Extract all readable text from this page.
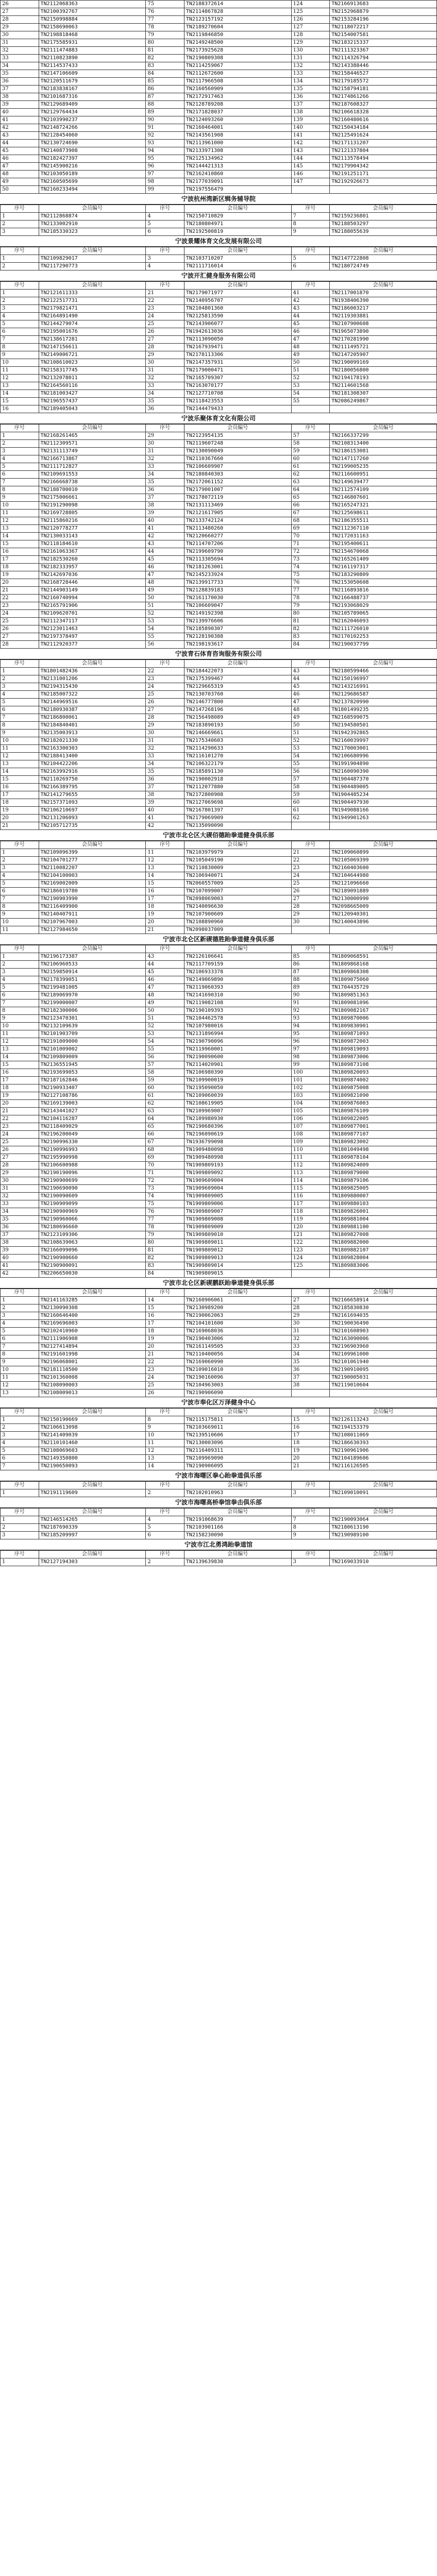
26	TN2112068363	75	TN2188372614	124	TN2166913683
27	TN2100392767	76	TN2114867828	125	TN2152968879
28	TN2150998884	77	TN2123157192	126	TN2153284196
29	TN2158690063	78	TN2189270604	127	TN2118072217
30	TN2198818468	79	TN2119846850	128	TN2154007581
31	TN2175585931	80	TN2149248500	129	TN2183215337
32	TN2111474883	81	TN2173925628	130	TN2111323367
33	TN2110823890	82	TN2190809308	131	TN2114326794
34	TN2114537433	83	TN2114259067	132	TN2143388446
35	TN2147106609	84	TN2112672600	133	TN2158446527
36	TN2120511679	85	TN2117966508	134	TN2179185572
37	TN2183838167	86	TN2160560909	135	TN2158794181
38	TN2101687316	87	TN2172917463	136	TN2174861266
39	TN2129689409	88	TN2128789208	137	TN2187608327
40	TN2129764434	89	TN2171828037	138	TN2106618328
41	TN2103990237	90	TN2124093260	139	TN2160480616
42	TN2148724266	91	TN2160464001	140	TN2150434184
43	TN2128454060	92	TN2143561908	141	TN2125491624
44	TN2130724690	93	TN2113961000	142	TN2171131207
45	TN2140873908	94	TN2133971308	143	TN2121337804
46	TN2182427397	95	TN2125134962	144	TN2113578494
47	TN2145900216	96	TN2144421313	145	TN2179904342
48	TN2103050189	97	TN2162410860	146	TN2191251171
49	TN2160505699	98	TN2177039091	147	TN2192926673
50	TN2160233494	99	TN2197556479		
宁波杭州湾新区辑务辅导院
序号	会员编号	序号	会员编号	序号	会员编号
1	TN2112868874	4	TN2150710829	7	TN2159236801
2	TN2133002910	5	TN2180804971	8	TN2188503297
3	TN2185330323	6	TN2192500819	9	TN2188055639
宁波景耀体育文化发展有限公司
序号	会员编号	序号	会员编号	序号	会员编号
1	TN2109829017	3	TN2103710207	5	TN2147722808
2	TN2117290773	4	TN2111716014	6	TN2180724749
宁波开汇健身服务有限公司
序号	会员编号	序号	会员编号	序号	会员编号
1	TN2121611333	21	TN2179071977	41	TN2117001870
2	TN2122517731	22	TN2140956707	42	TN1938406390
3	TN2179821471	23	TN2104801360	43	TN2186003217
4	TN2164891490	24	TN2125813590	44	TN2119303881
5	TN2144279074	25	TN2143906077	45	TN2107900608
6	TN2195001676	26	TN1942613036	46	TN1965073890
7	TN2138617281	27	TN2113090050	47	TN2170281990
8	TN2147156611	28	TN2167939471	48	TN2111495721
9	TN2149006721	29	TN2178113306	49	TN2147205907
10	TN2108610023	30	TN2147357931	50	TN2190099169
11	TN2158317745	31	TN2179000471	51	TN2180056800
12	TN2132078011	32	TN2165709307	52	TN2194178193
13	TN2164560116	33	TN2163070177	53	TN2114601568
14	TN2181003427	34	TN2127710708	54	TN2181308307
15	TN2196557437	35	TN2118423553	55	TN2086249867
16	TN2189405043	36	TN2144479433		
宁波乐聚体育文化有限公司
序号	会员编号	序号	会员编号	序号	会员编号
1	TN2168261465	29	TN2123954135	57	TN2166337299
2	TN2112309571	30	TN2119607248	58	TN2108313400
3	TN2131113749	31	TN2130090049	59	TN2186153081
4	TN2166713867	32	TN2110367660	60	TN2147117260
5	TN2111712827	33	TN2106609907	61	TN2199005235
6	TN2109691553	34	TN2180840303	62	TN2116600951
7	TN2166668738	35	TN2172061152	63	TN2149639477
8	TN2188700010	36	TN2179001007	64	TN2112574109
9	TN2175006661	37	TN2178072119	65	TN2146807601
10	TN2191290098	38	TN2131113469	66	TN2165247321
11	TN2169728805	39	TN2121617905	67	TN2125698611
12	TN2115860216	40	TN2133742124	68	TN2186355511
13	TN2120778277	41	TN2113480260	69	TN2112367110
14	TN2130033143	42	TN2120660277	70	TN2172031163
15	TN2118184610	43	TN2114707206	71	TN2195400611
16	TN2161063367	44	TN2199609790	72	TN2154670068
17	TN2182530260	45	TN2113305694	73	TN2165261409
18	TN2182333957	46	TN2181263001	74	TN2161197317
19	TN2142697036	47	TN2145233924	75	TN2183290809
20	TN2168728446	48	TN2139917733	76	TN2153050608
21	TN2144903149	49	TN2128839183	77	TN2116893816
22	TN2160740994	50	TN2161170030	78	TN2166488737
23	TN2165791906	51	TN2106609047	79	TN2193068029
24	TN2109620701	52	TN2149192398	80	TN2105789065
25	TN2112347117	53	TN2139976606	81	TN2162046093
26	TN2123011463	54	TN2185890307	82	TN2111726010
27	TN2197378497	55	TN2128190388	83	TN2170102253
28	TN2112920377	56	TN2198193617	84	TN2190037799
宁波青石体育咨询服务有限公司
序号	会员编号	序号	会员编号	序号	会员编号
1	TN1801482436	22	TN2184422073	43	TN2180599466
2	TN2131001206	23	TN2175399467	44	TN2150196997
3	TN2194315430	24	TN2129665319	45	TN2143216991
4	TN2185007322	25	TN2130703760	46	TN2129686587
5	TN2144969516	26	TN2146777800	47	TN2137820990
6	TN2180930387	27	TN2147268196	48	TN1801499235
7	TN2186800061	28	TN2156498089	49	TN2168599075
8	TN2184840401	29	TN2183890193	50	TN2194580501
9	TN2135003913	30	TN2146669661	51	TN1942392865
10	TN2182021330	31	TN2175340603	52	TN2160039997
11	TN2163300303	32	TN2114290633	53	TN2170003001
12	TN2188413400	33	TN2116101270	54	TN2106680996
13	TN2104422206	34	TN2106322179	55	TN1991904890
14	TN2163992916	35	TN2185891130	56	TN2160090390
15	TN2110269750	36	TN2190002918	57	TN1904487370
16	TN2166389795	37	TN2112077880	58	TN1904489005
17	TN2141279655	38	TN2172800908	59	TN1904485234
18	TN2157371093	39	TN2127069698	60	TN1904497930
19	TN2106210697	40	TN2167801397	61	TN1949088166
20	TN2131206093	41	TN2179069909	62	TN1949901263
21	TN2105712735	42	TN2135090090		
宁波市北仑区大碶佰德跆拳道健身俱乐部
序号	会员编号	序号	会员编号	序号	会员编号
1	TN2109096399	11	TN2103979979	21	TN2109060899
2	TN2104701277	12	TN2105049190	22	TN2105069399
3	TN2110082207	13	TN2110830009	23	TN2160403600
4	TN2104100003	14	TN2106940071	24	TN2104644980
5	TN2169002009	15	TN2060557009	25	TN2121096660
6	TN2186019780	16	TN2107099007	26	TN2189091889
7	TN2190903990	17	TN2098069003	27	TN2130000990
8	TN2116409900	18	TN2140096630	28	TN2098665009
9	TN2140407911	19	TN2107900609	29	TN2120940301
10	TN2107967003	20	TN2108890960	30	TN2140043896
11	TN2127984650	21	TN2098037009		
宁波市北仑区新碶德胜跆拳道健身俱乐部
序号	会员编号	序号	会员编号	序号	会员编号
1	TN2196173387	43	TN2126106641	85	TN1809068591
2	TN2106960533	44	TN2117709159	86	TN1809868168
3	TN2159850914	45	TN2106933378	87	TN1809868308
4	TN2178399051	46	TN2149069890	88	TN1809075060
5	TN2199481005	47	TN2119060393	89	TN1704435729
6	TN2189069970	48	TN2141690310	90	TN1809851363
7	TN2199000007	49	TN2119082108	91	TN1809081096
8	TN2182300006	50	TN2190109393	92	TN1809082167
9	TN2123470301	51	TN2104462578	93	TN1809870006
10	TN2132109639	52	TN2107980016	94	TN1809830901
11	TN2101903709	53	TN2131896994	95	TN1809871093
12	TN2191009000	54	TN2190790096	96	TN1809872003
13	TN2101009002	55	TN2119960001	97	TN1809819093
14	TN2109809009	56	TN2190090600	98	TN1809873006
15	TN2136551945	57	TN2114020901	99	TN1809873108
16	TN2193699053	58	TN2106980390	100	TN1809820093
17	TN2187162846	59	TN2109900019	101	TN1809874002
18	TN2190933407	60	TN2195090050	102	TN1809875008
19	TN2127108786	61	TN2109060039	103	TN1809821090
20	TN2169139003	62	TN2108619905	104	TN1809876003
21	TN2143441027	63	TN2109969007	105	TN1809876109
22	TN2104116287	64	TN2109980930	106	TN1809822005
23	TN2118409029	65	TN2190680396	107	TN1809877001
24	TN2196200049	66	TN2196090619	108	TN1809877107
25	TN2190996330	67	TN1936799098	109	TN1809823002
26	TN2190996993	68	TN1909480098	110	TN1801049498
27	TN2195990998	69	TN1909480998	111	TN1809878104
28	TN2106600988	70	TN1909809193	112	TN1809824009
29	TN2190190096	71	TN1909809092	113	TN1809879000
30	TN2190900699	72	TN1909609004	114	TN1809879106
31	TN2190690090	73	TN1909609004	115	TN1809825005
32	TN2190090609	74	TN1909809005	116	TN1809880007
33	TN2190909099	75	TN1909809006	117	TN1809880103
34	TN2190900969	76	TN1909809007	118	TN1809826001
35	TN2190960066	77	TN1909809008	119	TN1809881004
36	TN2180696660	78	TN1909809009	120	TN1809881100
37	TN2123109306	79	TN1909809010	121	TN1809827008
38	TN2108639063	80	TN1909809011	122	TN1809882000
39	TN2166099096	81	TN1909809012	123	TN1809882107
40	TN2190900660	82	TN1909809013	124	TN1809828004
41	TN2190900091	83	TN1909809014	125	TN1809883006
42	TN2206650030	84	TN1909809015		
宁波市北仑区新碶鹏跃跆拳道健身俱乐部
序号	会员编号	序号	会员编号	序号	会员编号
1	TN2141163285	14	TN2160906061	27	TN2166658914
2	TN2130090308	15	TN2130989200	28	TN2185830830
3	TN2160646400	16	TN2190062063	29	TN2161694035
4	TN2169696003	17	TN2104101600	30	TN2190036490
5	TN2102410960	18	TN2169068036	31	TN2101608903
6	TN2111906908	19	TN2190403006	32	TN2163090006
7	TN2127414894	20	TN2161149505	33	TN2196903960
8	TN2191601998	21	TN2110400056	34	TN2109961000
9	TN2196068001	22	TN2169060990	35	TN2101061940
10	TN2181110500	23	TN2109016010	36	TN2190910095
11	TN2101360008	24	TN2190160096	37	TN2190005031
12	TN2108090003	25	TN2104963003	38	TN2119010604
13	TN2108009013	26	TN2190906090		
宁波市奉化区万泽健身中心
序号	会员编号	序号	会员编号	序号	会员编号
1	TN2150190669	8	TN2115175811	15	TN2126113243
2	TN2106613098	9	TN2103669011	16	TN2194153379
3	TN2141409039	10	TN2139510606	17	TN2108011069
4	TN2110101460	11	TN2130003096	18	TN2186630393
5	TN2108069603	12	TN2116409311	19	TN2190961906
6	TN2149350800	13	TN2109969090	20	TN2104189606
7	TN2190650093	14	TN2190906095	21	TN2116126505
宁波市海曙区拳心跆拳道俱乐部
序号	会员编号	序号	会员编号	序号	会员编号
1	TN2191119609	2	TN2102010963	3	TN2109010091
宁波市海曙高桥拳馆拳击俱乐部
序号	会员编号	序号	会员编号	序号	会员编号
1	TN2146514265	4	TN2191068639	7	TN2190093064
2	TN2187690339	5	TN2103901166	8	TN2180613190
3	TN2185209997	6	TN2158230090	9	TN2190989100
宁波市江北勇鸿跆拳道馆
序号	会员编号	序号	会员编号	序号	会员编号
1	TN2127194303	2	TN2139639830	3	TN2169033910
